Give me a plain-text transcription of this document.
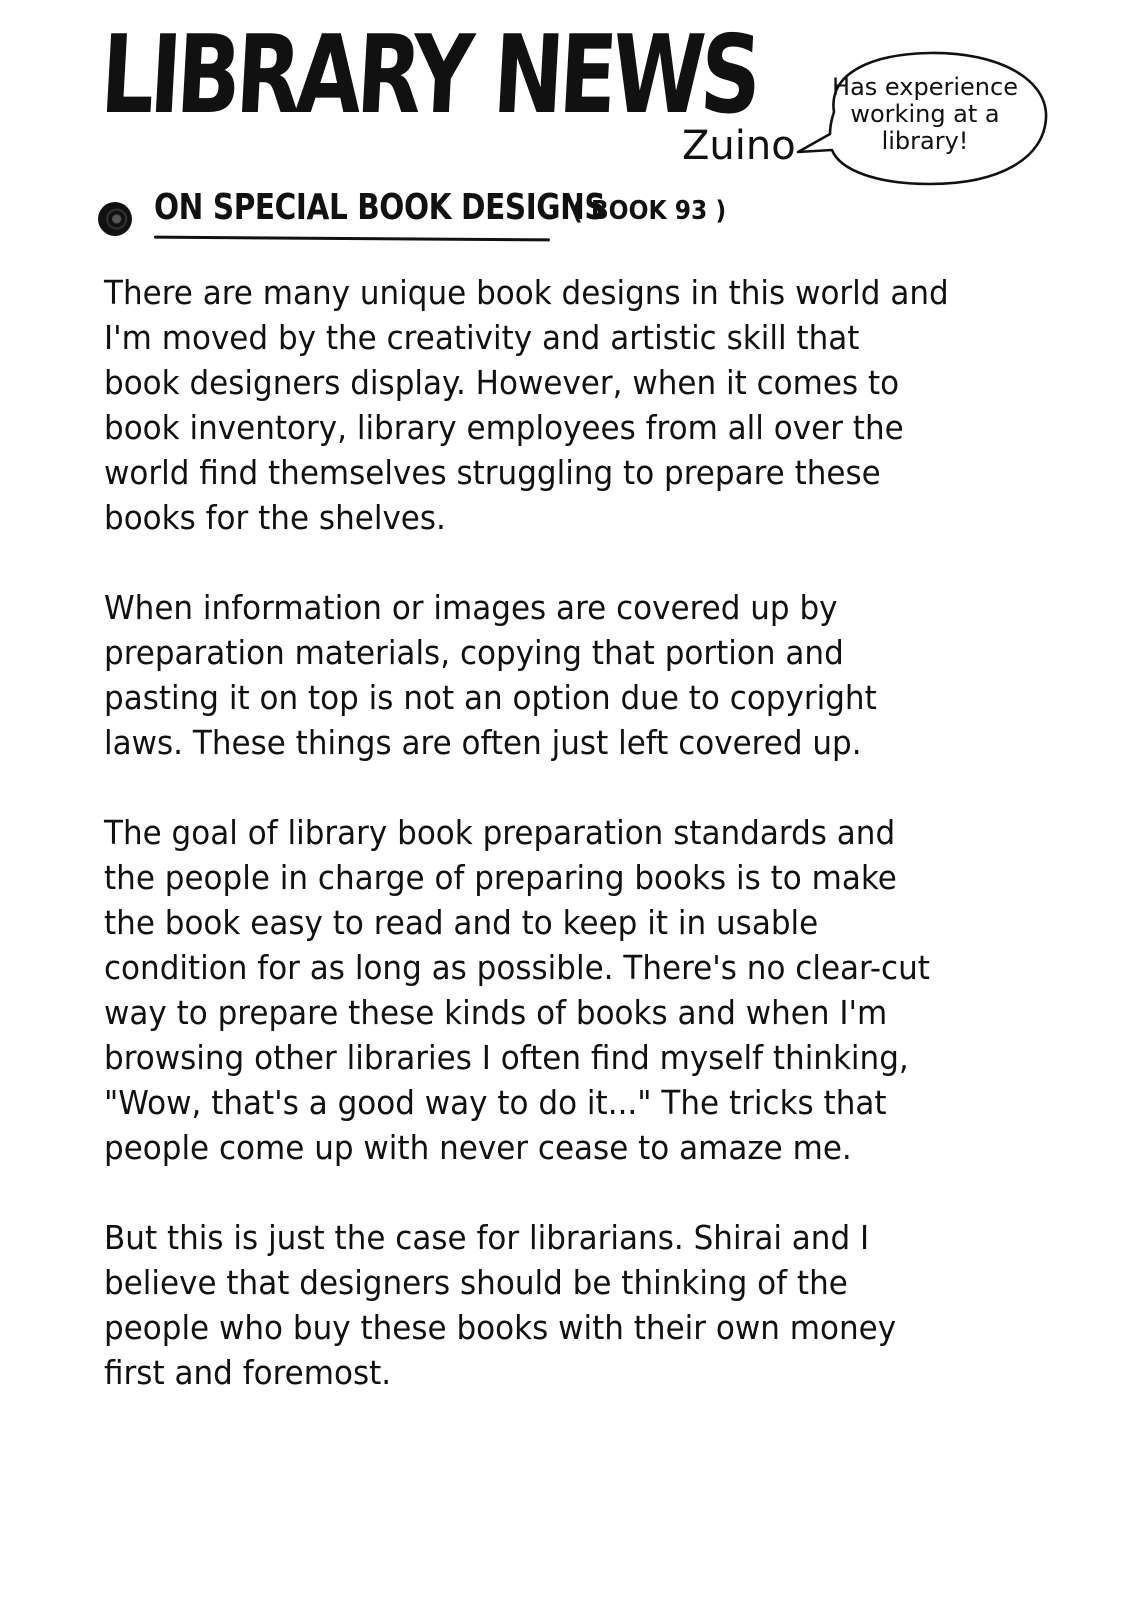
LIBRARY NEWS
Zuino
Has experience
working at a
library!
ON SPECIAL BOOK DESIGNS
( BOOK 93 )
There are many unique book designs in this world and
I'm moved by the creativity and artistic skill that
book designers display. However, when it comes to
book inventory, library employees from all over the
world find themselves struggling to prepare these
books for the shelves.
When information or images are covered up by
preparation materials, copying that portion and
pasting it on top is not an option due to copyright
laws. These things are often just left covered up.
The goal of library book preparation standards and
the people in charge of preparing books is to make
the book easy to read and to keep it in usable
condition for as long as possible. There's no clear-cut
way to prepare these kinds of books and when I'm
browsing other libraries I often find myself thinking,
"Wow, that's a good way to do it..." The tricks that
people come up with never cease to amaze me.
But this is just the case for librarians. Shirai and I
believe that designers should be thinking of the
people who buy these books with their own money
first and foremost.
